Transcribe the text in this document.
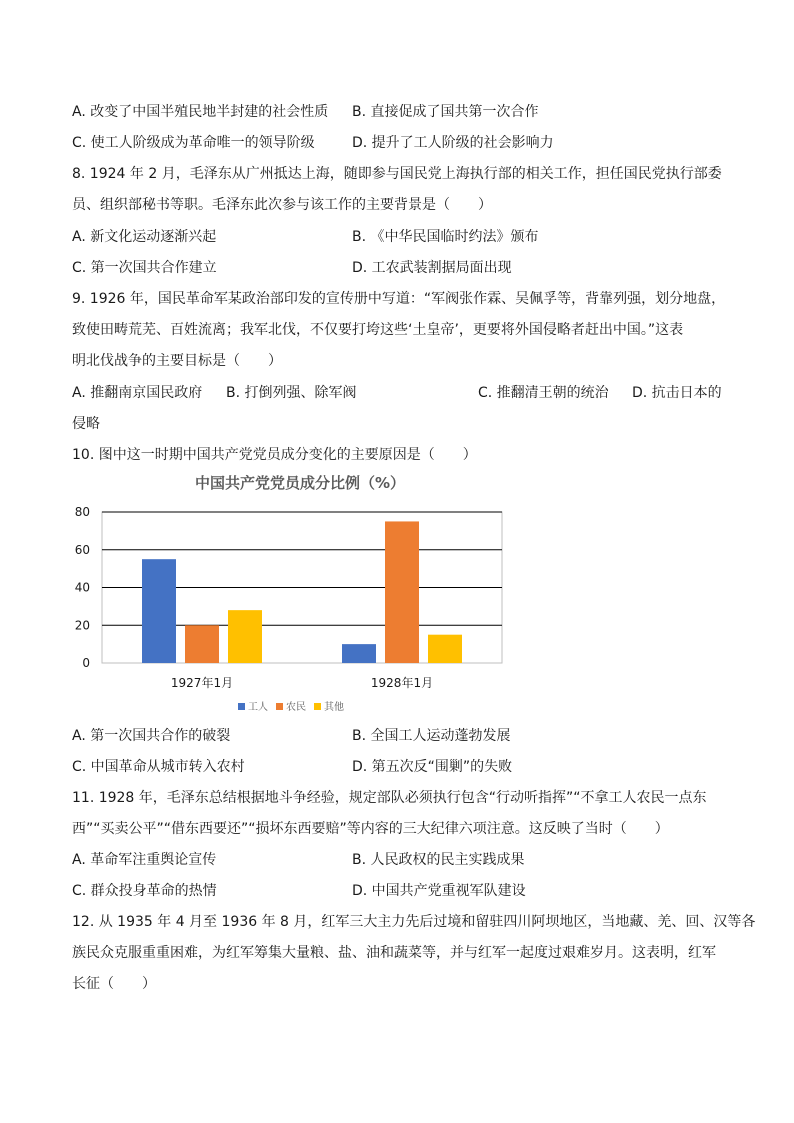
A. 改变了中国半殖民地半封建的社会性质 B. 直接促成了国共第一次合作
C. 使工人阶级成为革命唯一的领导阶级	D. 提升了工人阶级的社会影响力
8. 1924 年 2 月，毛泽东从广州抵达上海，随即参与国民党上海执行部的相关工作，担任国民党执行部委
员、组织部秘书等职。毛泽东此次参与该工作的主要背景是（　　）
A. 新文化运动逐渐兴起	B. 《中华民国临时约法》颁布
C. 第一次国共合作建立	D. 工农武装割据局面出现
9. 1926 年，国民革命军某政治部印发的宣传册中写道：“军阀张作霖、吴佩孚等，背靠列强，划分地盘，
致使田畴荒芜、百姓流离；我军北伐，不仅要打垮这些‘土皇帝’，更要将外国侵略者赶出中国。”这表
明北伐战争的主要目标是（　　）
A. 推翻南京国民政府 B. 打倒列强、除军阀	C. 推翻清王朝的统治 D. 抗击日本的
侵略
10. 图中这一时期中国共产党党员成分变化的主要原因是（　　）
中国共产党党员成分比例（%）
0
20
40
60
80
1927年1月	1928年1月
工人 农民 其他
A. 第一次国共合作的破裂	B. 全国工人运动蓬勃发展
C. 中国革命从城市转入农村	D. 第五次反“围剿”的失败
11. 1928 年，毛泽东总结根据地斗争经验，规定部队必须执行包含“行动听指挥”“不拿工人农民一点东
西”“买卖公平”“借东西要还”“损坏东西要赔”等内容的三大纪律六项注意。这反映了当时（　　）
A. 革命军注重舆论宣传	B. 人民政权的民主实践成果
C. 群众投身革命的热情	D. 中国共产党重视军队建设
12. 从 1935 年 4 月至 1936 年 8 月，红军三大主力先后过境和留驻四川阿坝地区，当地藏、羌、回、汉等各
族民众克服重重困难，为红军筹集大量粮、盐、油和蔬菜等，并与红军一起度过艰难岁月。这表明，红军
长征（　　）
